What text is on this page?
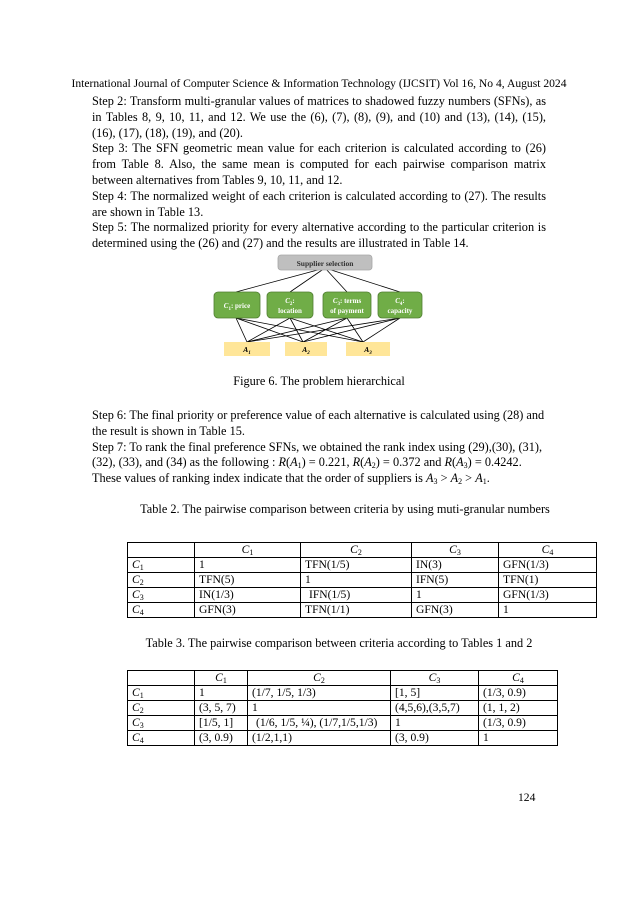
International Journal of Computer Science & Information Technology (IJCSIT) Vol 16, No 4, August 2024

Step 2: Transform multi-granular values of matrices to shadowed fuzzy numbers (SFNs), as in Tables 8, 9, 10, 11, and 12. We use the (6), (7), (8), (9), and (10) and (13), (14), (15), (16), (17), (18), (19), and (20).

Step 3: The SFN geometric mean value for each criterion is calculated according to (26) from Table 8. Also, the same mean is computed for each pairwise comparison matrix between alternatives from Tables 9, 10, 11, and 12.

Step 4: The normalized weight of each criterion is calculated according to (27). The results are shown in Table 13.

Step 5: The normalized priority for every alternative according to the particular criterion is determined using the (26) and (27) and the results are illustrated in Table 14.

Supplier selection
$C_1$: price
$C_2$:
location
$C_3$: terms
of payment
$C_4$:
capacity
$A_1$	$A_2$	$A_3$
Figure 6. The problem hierarchical

Step 6: The final priority or preference value of each alternative is calculated using (28) and the result is shown in Table 15.

Step 7: To rank the final preference SFNs, we obtained the rank index using (29),(30), (31), (32), (33), and (34) as the following : $R(A_1) = 0.221$, $R(A_2) = 0.372$ and $R(A_3) = 0.4242$.

These values of ranking index indicate that the order of suppliers is $A_3 > A_2 > A_1$.

Table 2. The pairwise comparison between criteria by using muti-granular numbers
	$C_1$	$C_2$	$C_3$	$C_4$
$C_1$	1	TFN(1/5)	IN(3)	GFN(1/3)
$C_2$	TFN(5)	1	IFN(5)	TFN(1)
$C_3$	IN(1/3)	IFN(1/5)	1	GFN(1/3)
$C_4$	GFN(3)	TFN(1/1)	GFN(3)	1
Table 3. The pairwise comparison between criteria according to Tables 1 and 2
	$C_1$	$C_2$	$C_3$	$C_4$
$C_1$	1	(1/7, 1/5, 1/3)	[1, 5]	(1/3, 0.9)
$C_2$	(3, 5, 7)	1	(4,5,6),(3,5,7)	(1, 1, 2)
$C_3$	[1/5, 1]	(1/6, 1/5, ¼), (1/7,1/5,1/3)	1	(1/3, 0.9)
$C_4$	(3, 0.9)	(1/2,1,1)	(3, 0.9)	1
124
